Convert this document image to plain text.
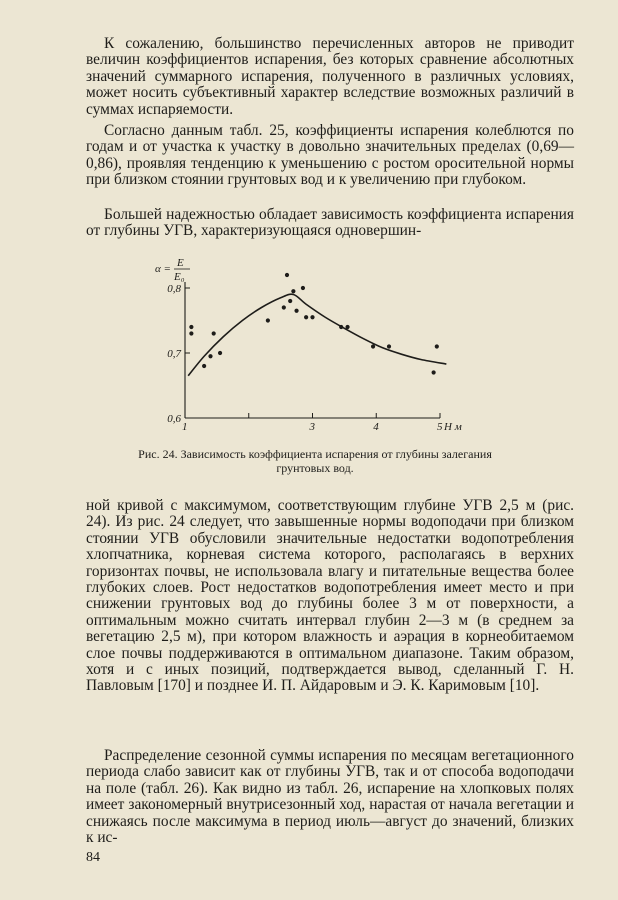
К сожалению, большинство перечисленных авторов не приводит величин коэффициентов испарения, без которых сравнение абсолютных значений суммарного испарения, полученного в различных условиях, может носить субъективный характер вследствие возможных различий в суммах испаряемости.

Согласно данным табл. 25, коэффициенты испарения колеблются по годам и от участка к участку в довольно значительных пределах (0,69—0,86), проявляя тенденцию к уменьшению с ростом оросительной нормы при близком стоянии грунтовых вод и к увеличению при глубоком.

Большей надежностью обладает зависимость коэффициента испарения от глубины УГВ, характеризующаяся одновершин-

1	3	4	5
0,6
0,7
0,8
Н м
α = E
E₀

Рис. 24. Зависимость коэффициента испарения от глубины залегания грунтовых вод.

ной кривой с максимумом, соответствующим глубине УГВ 2,5 м (рис. 24). Из рис. 24 следует, что завышенные нормы водоподачи при близком стоянии УГВ обусловили значительные недостатки водопотребления хлопчатника, корневая система которого, располагаясь в верхних горизонтах почвы, не использовала влагу и питательные вещества более глубоких слоев. Рост недостатков водопотребления имеет место и при снижении грунтовых вод до глубины более 3 м от поверхности, а оптимальным можно считать интервал глубин 2—3 м (в среднем за вегетацию 2,5 м), при котором влажность и аэрация в корнеобитаемом слое почвы поддерживаются в оптимальном диапазоне. Таким образом, хотя и с иных позиций, подтверждается вывод, сделанный Г. Н. Павловым [170] и позднее И. П. Айдаровым и Э. К. Каримовым [10].

Распределение сезонной суммы испарения по месяцам вегетационного периода слабо зависит как от глубины УГВ, так и от способа водоподачи на поле (табл. 26). Как видно из табл. 26, испарение на хлопковых полях имеет закономерный внутрисезонный ход, нарастая от начала вегетации и снижаясь после максимума в период июль—август до значений, близких к ис-

84
